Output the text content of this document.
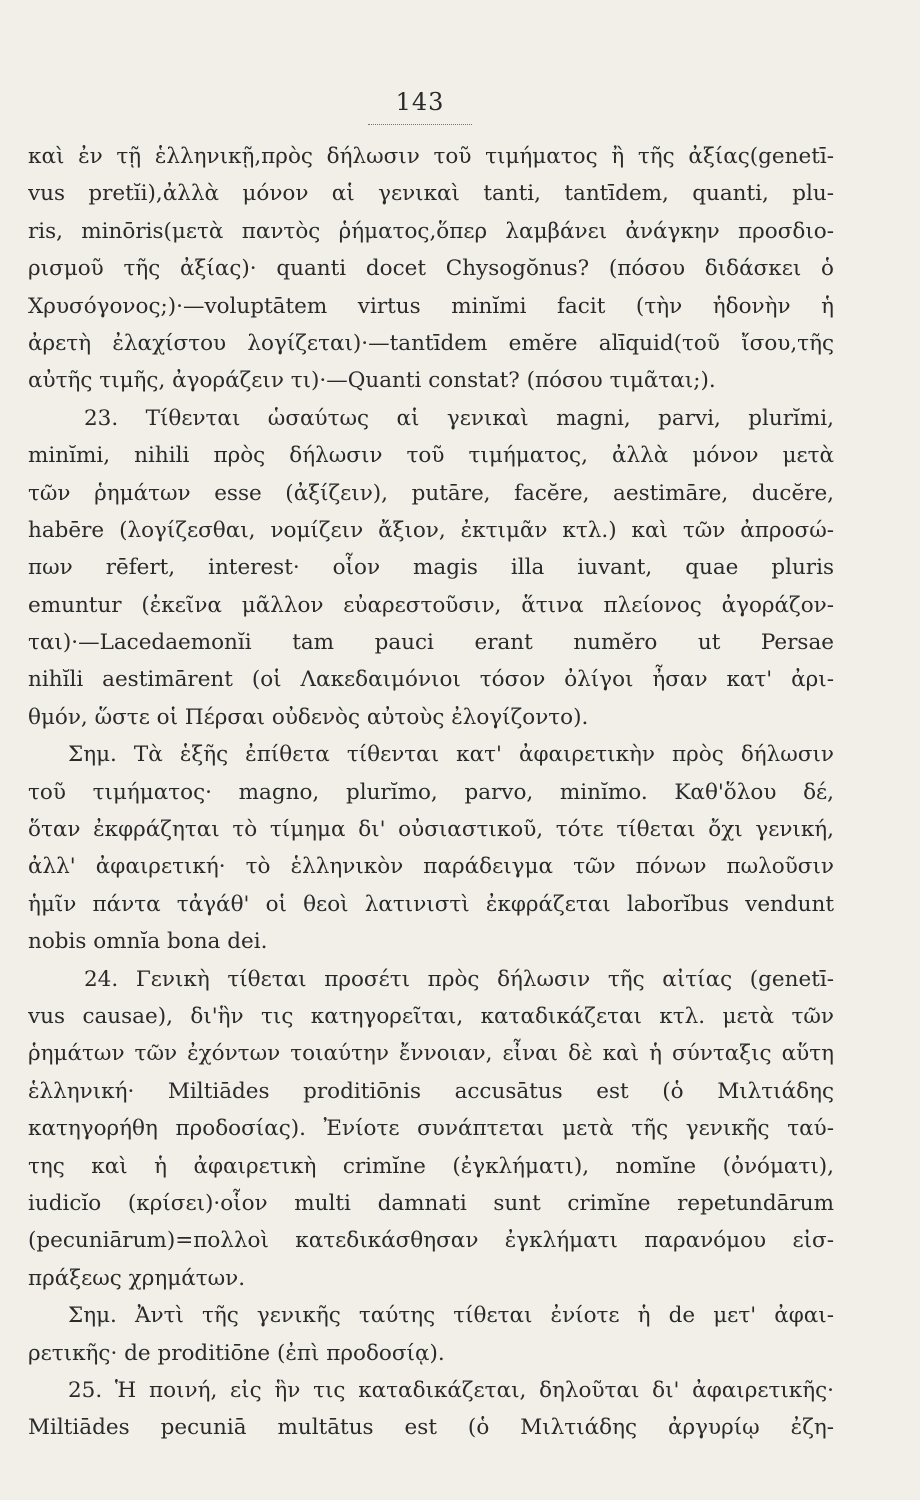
143
καὶ ἐν τῇ ἑλληνικῇ,πρὸς δήλωσιν τοῦ τιμήματος ἢ τῆς ἀξίας(genetī-
vus pretĭi),ἀλλὰ μόνον αἱ γενικαὶ tanti, tantīdem, quanti, plu-
ris, minōris(μετὰ παντὸς ῥήματος,ὅπερ λαμβάνει ἀνάγκην προσδιο-
ρισμοῦ τῆς ἀξίας)· quanti docet Chysogŏnus? (πόσου διδάσκει ὁ
Χρυσόγονος;)·—voluptātem virtus minĭmi facit (τὴν ἡδονὴν ἡ
ἀρετὴ ἐλαχίστου λογίζεται)·—tantīdem emĕre alīquid(τοῦ ἴσου,τῆς
αὐτῆς τιμῆς, ἀγοράζειν τι)·—Quanti constat? (πόσου τιμᾶται;).
23. Τίθενται ὡσαύτως αἱ γενικαὶ magni, parvi, plurĭmi,
minĭmi, nihili πρὸς δήλωσιν τοῦ τιμήματος, ἀλλὰ μόνον μετὰ
τῶν ῥημάτων esse (ἀξίζειν), putāre, facĕre, aestimāre, ducĕre,
habēre (λογίζεσθαι, νομίζειν ἄξιον, ἐκτιμᾶν κτλ.) καὶ τῶν ἀπροσώ-
πων rēfert, interest· οἷον magis illa iuvant, quae pluris
emuntur (ἐκεῖνα μᾶλλον εὐαρεστοῦσιν, ἅτινα πλείονος ἀγοράζον-
ται)·—Lacedaemonĭi tam pauci erant numĕro ut Persae
nihĭli aestimārent (οἱ Λακεδαιμόνιοι τόσον ὀλίγοι ἦσαν κατ' ἀρι-
θμόν, ὥστε οἱ Πέρσαι οὐδενὸς αὐτοὺς ἐλογίζοντο).
Σημ. Τὰ ἑξῆς ἐπίθετα τίθενται κατ' ἀφαιρετικὴν πρὸς δήλωσιν
τοῦ τιμήματος· magno, plurĭmo, parvo, minĭmo. Καθ'ὅλου δέ,
ὅταν ἐκφράζηται τὸ τίμημα δι' οὐσιαστικοῦ, τότε τίθεται ὄχι γενική,
ἀλλ' ἀφαιρετική· τὸ ἑλληνικὸν παράδειγμα τῶν πόνων πωλοῦσιν
ἡμῖν πάντα τἀγάθ' οἱ θεοὶ λατινιστὶ ἐκφράζεται laborĭbus vendunt
nobis omnĭa bona dei.
24. Γενικὴ τίθεται προσέτι πρὸς δήλωσιν τῆς αἰτίας (genetī-
vus causae), δι'ἣν τις κατηγορεῖται, καταδικάζεται κτλ. μετὰ τῶν
ῥημάτων τῶν ἐχόντων τοιαύτην ἔννοιαν, εἶναι δὲ καὶ ἡ σύνταξις αὕτη
ἑλληνική· Miltiādes proditiōnis accusātus est (ὁ Μιλτιάδης
κατηγορήθη προδοσίας). Ἐνίοτε συνάπτεται μετὰ τῆς γενικῆς ταύ-
της καὶ ἡ ἀφαιρετικὴ crimĭne (ἐγκλήματι), nomĭne (ὀνόματι),
iudicĭo (κρίσει)·οἷον multi damnati sunt crimĭne repetundārum
(pecuniārum)=πολλοὶ κατεδικάσθησαν ἐγκλήματι παρανόμου εἰσ-
πράξεως χρημάτων.
Σημ. Ἀντὶ τῆς γενικῆς ταύτης τίθεται ἐνίοτε ἡ de μετ' ἀφαι-
ρετικῆς· de proditiōne (ἐπὶ προδοσίᾳ).
25. Ἡ ποινή, εἰς ἣν τις καταδικάζεται, δηλοῦται δι' ἀφαιρετικῆς·
Miltiādes pecuniā multātus est (ὁ Μιλτιάδης ἀργυρίῳ ἐζη-
